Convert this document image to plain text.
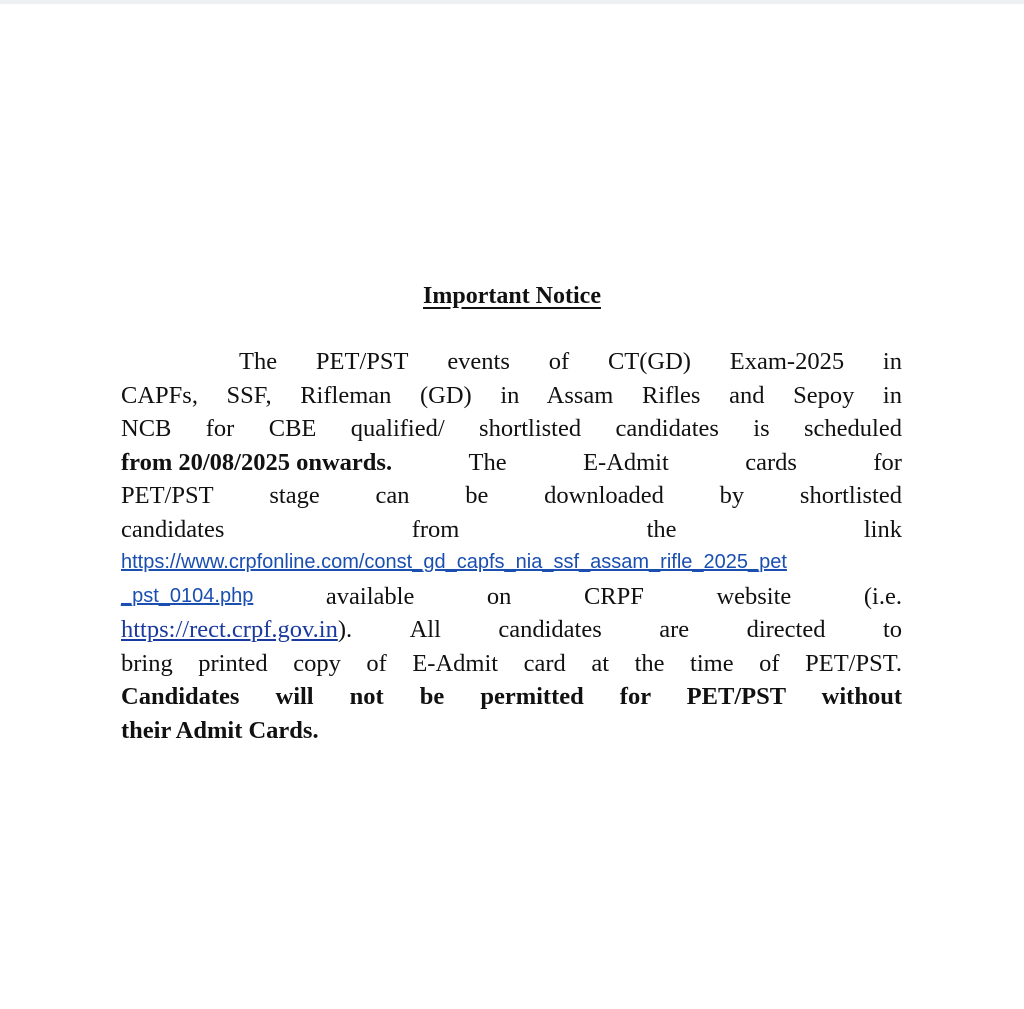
Important Notice
The PET/PST events of CT(GD) Exam-2025 in
CAPFs, SSF, Rifleman (GD) in Assam Rifles and Sepoy in
NCB for CBE qualified/ shortlisted candidates is scheduled
from 20/08/2025 onwards.	The	E-Admit	cards	for
PET/PST stage can be downloaded by shortlisted
candidates	from	the	link
https://www.crpfonline.com/const_gd_capfs_nia_ssf_assam_rifle_2025_pet
_pst_0104.php	available	on	CRPF	website	(i.e.
https://rect.crpf.gov.in). All candidates are directed to
bring printed copy of E-Admit card at the time of PET/PST.
Candidates will not be permitted for PET/PST without
their Admit Cards.
